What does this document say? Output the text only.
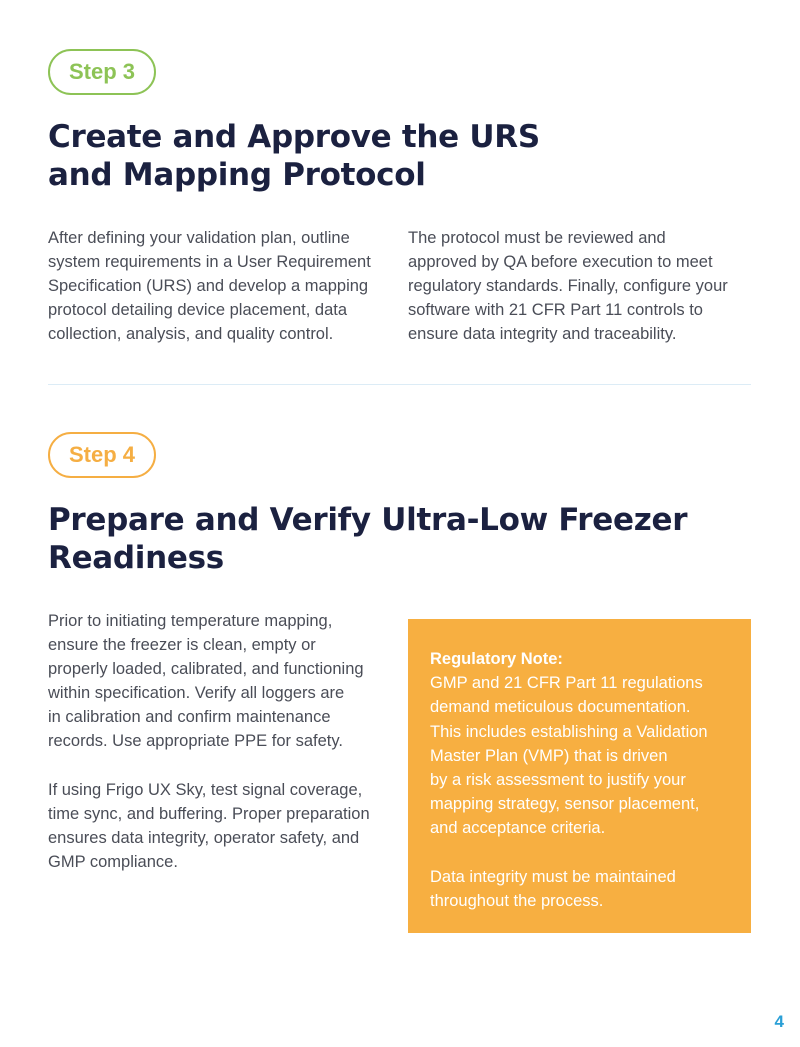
Step 3
Create and Approve the URS
and Mapping Protocol

After defining your validation plan, outline
system requirements in a User Requirement
Specification (URS) and develop a mapping
protocol detailing device placement, data
collection, analysis, and quality control.

The protocol must be reviewed and
approved by QA before execution to meet
regulatory standards. Finally, configure your
software with 21 CFR Part 11 controls to
ensure data integrity and traceability.

Step 4
Prepare and Verify Ultra-Low Freezer
Readiness

Prior to initiating temperature mapping,
ensure the freezer is clean, empty or
properly loaded, calibrated, and functioning
within specification. Verify all loggers are
in calibration and confirm maintenance
records. Use appropriate PPE for safety.

If using Frigo UX Sky, test signal coverage,
time sync, and buffering. Proper preparation
ensures data integrity, operator safety, and
GMP compliance.

Regulatory Note:
GMP and 21 CFR Part 11 regulations
demand meticulous documentation.
This includes establishing a Validation
Master Plan (VMP) that is driven
by a risk assessment to justify your
mapping strategy, sensor placement,
and acceptance criteria.

Data integrity must be maintained
throughout the process.

4
